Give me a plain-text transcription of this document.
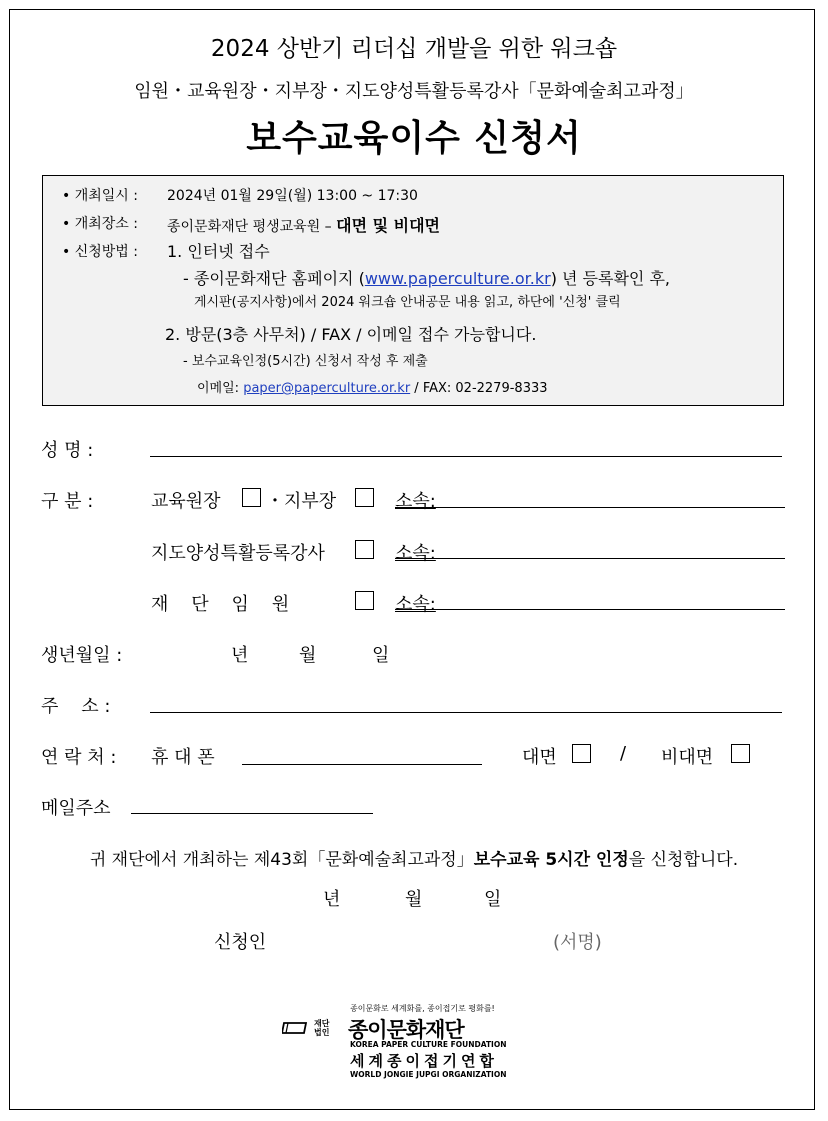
2024 상반기 리더십 개발을 위한 워크숍
임원・교육원장・지부장・지도양성특활등록강사「문화예술최고과정」
보수교육이수 신청서
• 개최일시 : 2024년 01월 29일(월) 13:00 ~ 17:30
• 개최장소 : 종이문화재단 평생교육원 – 대면 및 비대면
• 신청방법 : 1. 인터넷 접수
- 종이문화재단 홈페이지 (www.paperculture.or.kr) 년 등록확인 후,
게시판(공지사항)에서 2024 워크숍 안내공문 내용 읽고, 하단에 '신청' 클릭
2. 방문(3층 사무처) / FAX / 이메일 접수 가능합니다.
- 보수교육인정(5시간) 신청서 작성 후 제출
이메일: paper@paperculture.or.kr / FAX: 02-2279-8333
성 명 :
구 분 :	교육원장	・지부장	소속:
지도양성특활등록강사	소속:
재    단    임    원	소속:
생년월일 :	년	월	일
주    소 :
연 락 처 : 휴 대 폰	대면	/ 비대면
메일주소
귀 재단에서 개최하는 제43회「문화예술최고과정」보수교육 5시간 인정을 신청합니다.
년	월	일
신청인	(서명)
종이문화로 세계화를, 종이접기로 평화를!
재단법인 종이문화재단
KOREA PAPER CULTURE FOUNDATION
세계종이접기연합
WORLD JONGIE JUPGI ORGANIZATION
